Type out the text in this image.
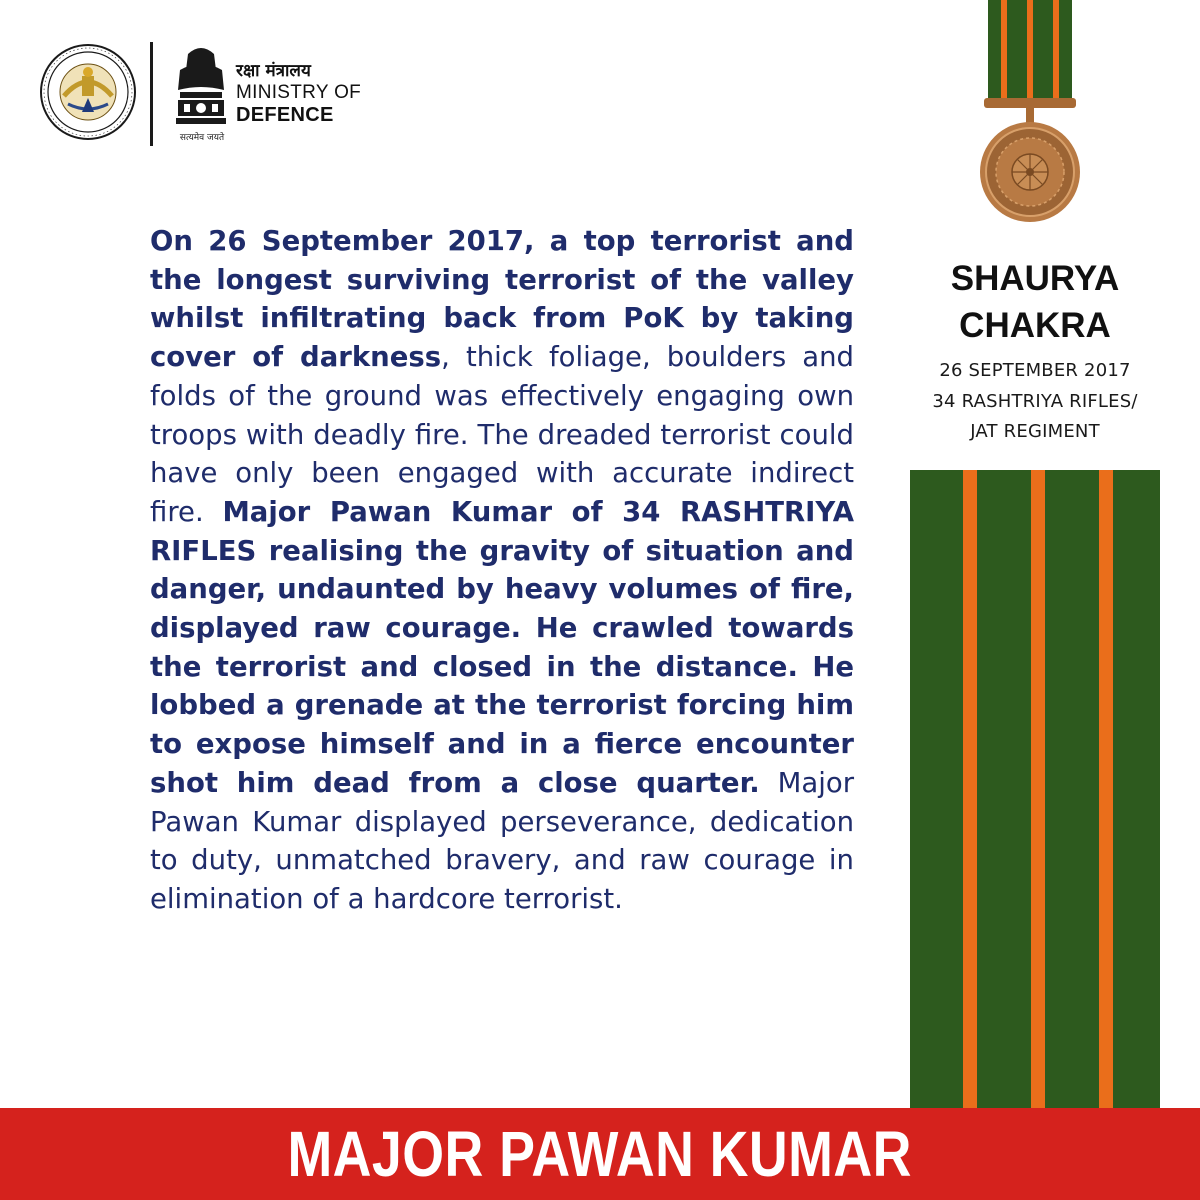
सत्यमेव जयते
रक्षा मंत्रालय
MINISTRY OF
DEFENCE
On 26 September 2017, a top terrorist and the longest surviving terrorist of the valley whilst infiltrating back from PoK by taking cover of darkness, thick foliage, boulders and folds of the ground was effectively engaging own troops with deadly fire. The dreaded terrorist could have only been engaged with accurate indirect fire. Major Pawan Kumar of 34 RASHTRIYA RIFLES realising the gravity of situation and danger, undaunted by heavy volumes of fire, displayed raw courage. He crawled towards the terrorist and closed in the distance. He lobbed a grenade at the terrorist forcing him to expose himself and in a fierce encounter shot him dead from a close quarter. Major Pawan Kumar displayed perseverance, dedication to duty, unmatched bravery, and raw courage in elimination of a hardcore terrorist.
SHAURYA
CHAKRA
26 SEPTEMBER 2017
34 RASHTRIYA RIFLES/
JAT REGIMENT
MAJOR PAWAN KUMAR
